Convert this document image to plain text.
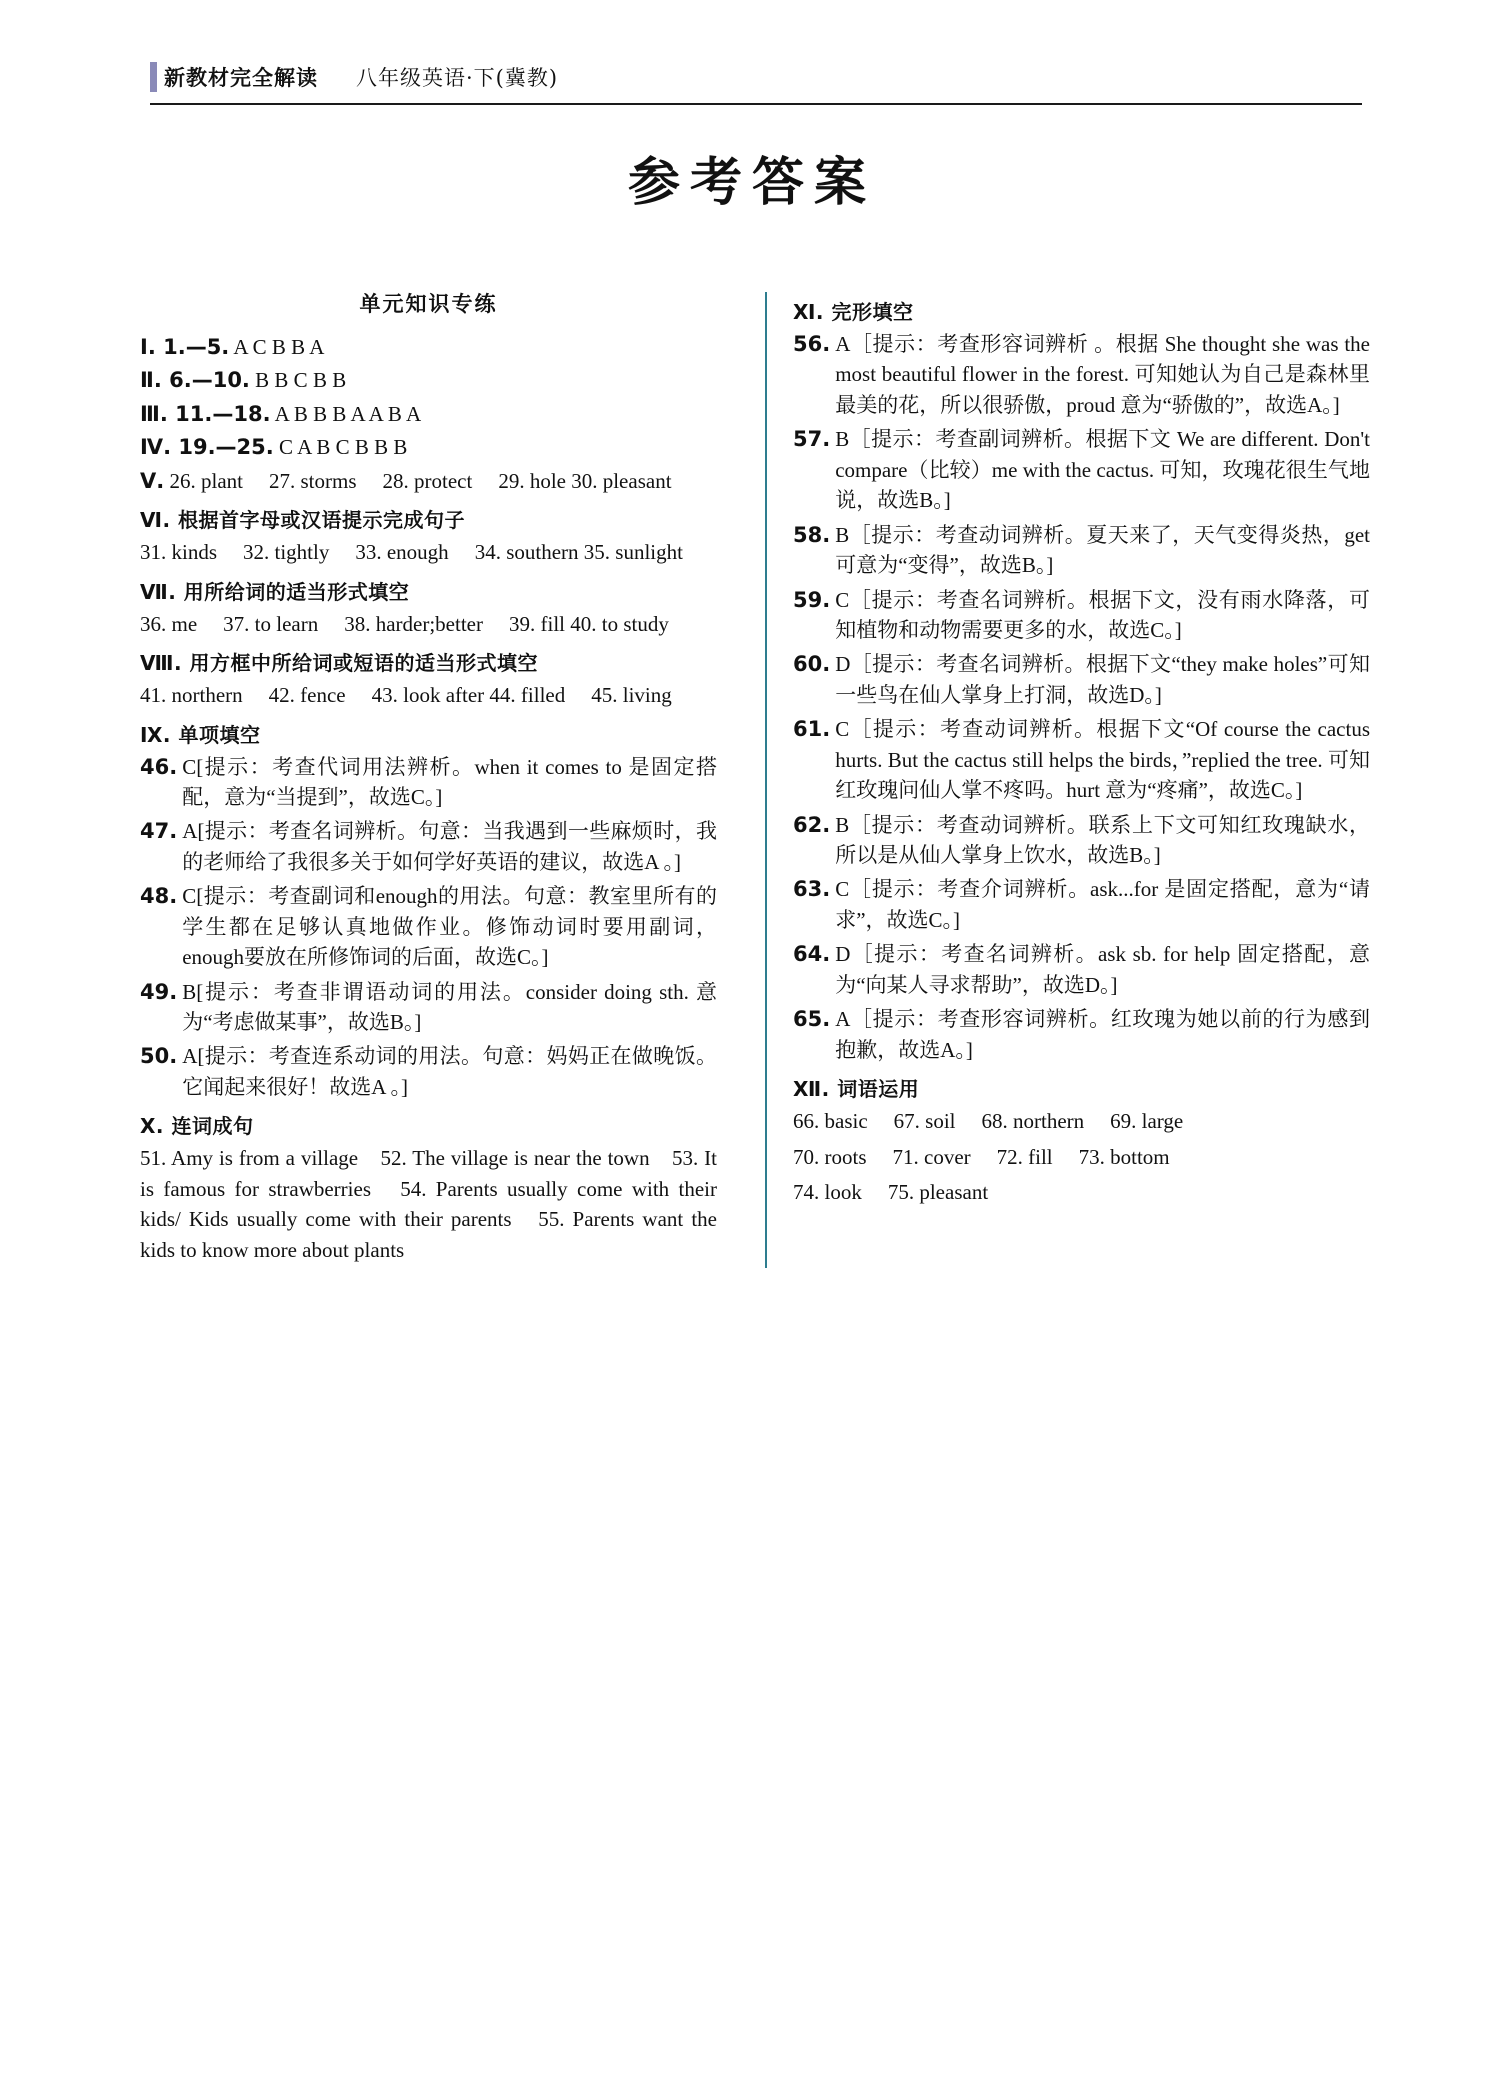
新教材完全解读 八年级英语·下(冀教)
参考答案
单元知识专练
Ⅰ. 1.—5. A C B B A
Ⅱ. 6.—10. B B C B B
Ⅲ. 11.—18. A B B B A A B A
Ⅳ. 19.—25. C A B C B B B
Ⅴ. 26. plant 27. storms 28. protect 29. hole 30. pleasant
Ⅵ. 根据首字母或汉语提示完成句子
31. kinds 32. tightly 33. enough 34. southern 35. sunlight
Ⅶ. 用所给词的适当形式填空
36. me 37. to learn 38. harder;better 39. fill 40. to study
Ⅷ. 用方框中所给词或短语的适当形式填空
41. northern 42. fence 43. look after 44. filled 45. living
Ⅸ. 单项填空
46. C[提示：考查代词用法辨析。when it comes to 是固定搭配，意为“当提到”，故选C。]
47. A[提示：考查名词辨析。句意：当我遇到一些麻烦时，我的老师给了我很多关于如何学好英语的建议，故选A 。]
48. C[提示：考查副词和enough的用法。句意：教室里所有的学生都在足够认真地做作业。修饰动词时要用副词，enough要放在所修饰词的后面，故选C。]
49. B[提示：考查非谓语动词的用法。consider doing sth. 意为“考虑做某事”，故选B。]
50. A[提示：考查连系动词的用法。句意：妈妈正在做晚饭。它闻起来很好！故选A 。]
Ⅹ. 连词成句
51. Amy is from a village　52. The village is near the town　53. It is famous for strawberries　54. Parents usually come with their kids/ Kids usually come with their parents　55. Parents want the kids to know more about plants
Ⅺ. 完形填空
56. A［提示：考查形容词辨析 。根据 She thought she was the most beautiful flower in the forest. 可知她认为自己是森林里最美的花，所以很骄傲，proud 意为“骄傲的”，故选A。]
57. B［提示：考查副词辨析。根据下文 We are different. Don't compare（比较）me with the cactus. 可知，玫瑰花很生气地说，故选B。]
58. B［提示：考查动词辨析。夏天来了，天气变得炎热，get 可意为“变得”，故选B。]
59. C［提示：考查名词辨析。根据下文，没有雨水降落，可知植物和动物需要更多的水，故选C。]
60. D［提示：考查名词辨析。根据下文“they make holes”可知一些鸟在仙人掌身上打洞，故选D。]
61. C［提示：考查动词辨析。根据下文“Of course the cactus hurts. But the cactus still helps the birds，”replied the tree. 可知红玫瑰问仙人掌不疼吗。hurt 意为“疼痛”，故选C。]
62. B［提示：考查动词辨析。联系上下文可知红玫瑰缺水，所以是从仙人掌身上饮水，故选B。]
63. C［提示：考查介词辨析。ask...for 是固定搭配，意为“请求”，故选C。]
64. D［提示：考查名词辨析。ask sb. for help 固定搭配，意为“向某人寻求帮助”，故选D。]
65. A［提示：考查形容词辨析。红玫瑰为她以前的行为感到抱歉，故选A。]
Ⅻ. 词语运用
66. basic 67. soil 68. northern 69. large
70. roots 71. cover 72. fill 73. bottom
74. look 75. pleasant
